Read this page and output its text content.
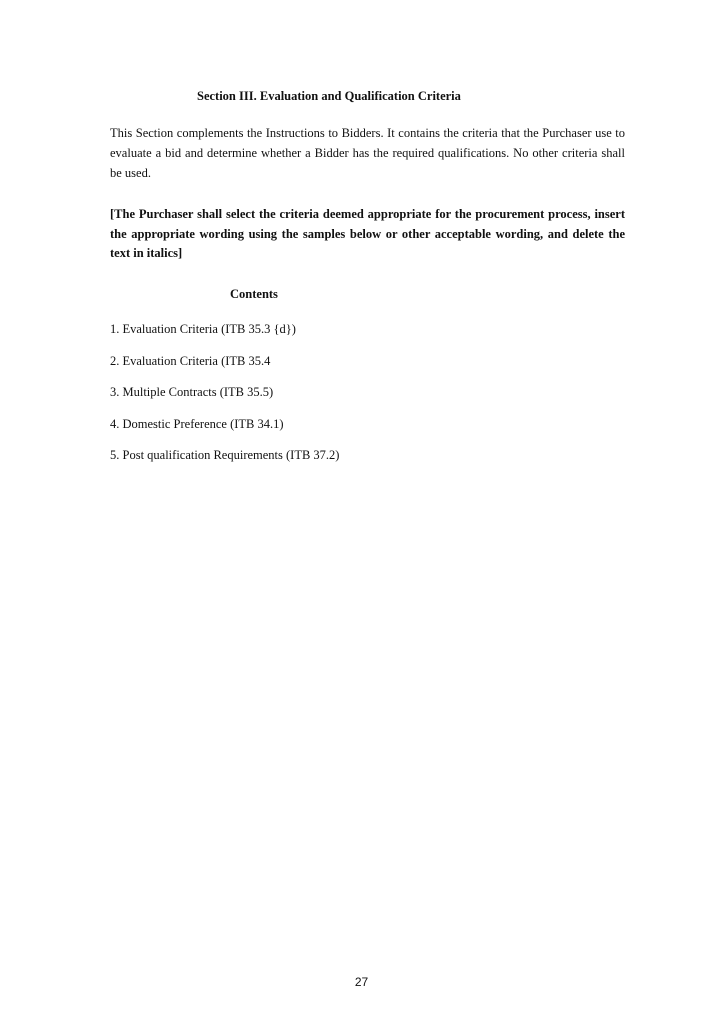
Section III. Evaluation and Qualification Criteria

This Section complements the Instructions to Bidders. It contains the criteria that the Purchaser use to evaluate a bid and determine whether a Bidder has the required qualifications. No other criteria shall be used.

[The Purchaser shall select the criteria deemed appropriate for the procurement process, insert the appropriate wording using the samples below or other acceptable wording, and delete the text in italics]

Contents
1. Evaluation Criteria (ITB 35.3 {d})
2. Evaluation Criteria (ITB 35.4
3. Multiple Contracts (ITB 35.5)
4. Domestic Preference (ITB 34.1)
5. Post qualification Requirements (ITB 37.2)
27
